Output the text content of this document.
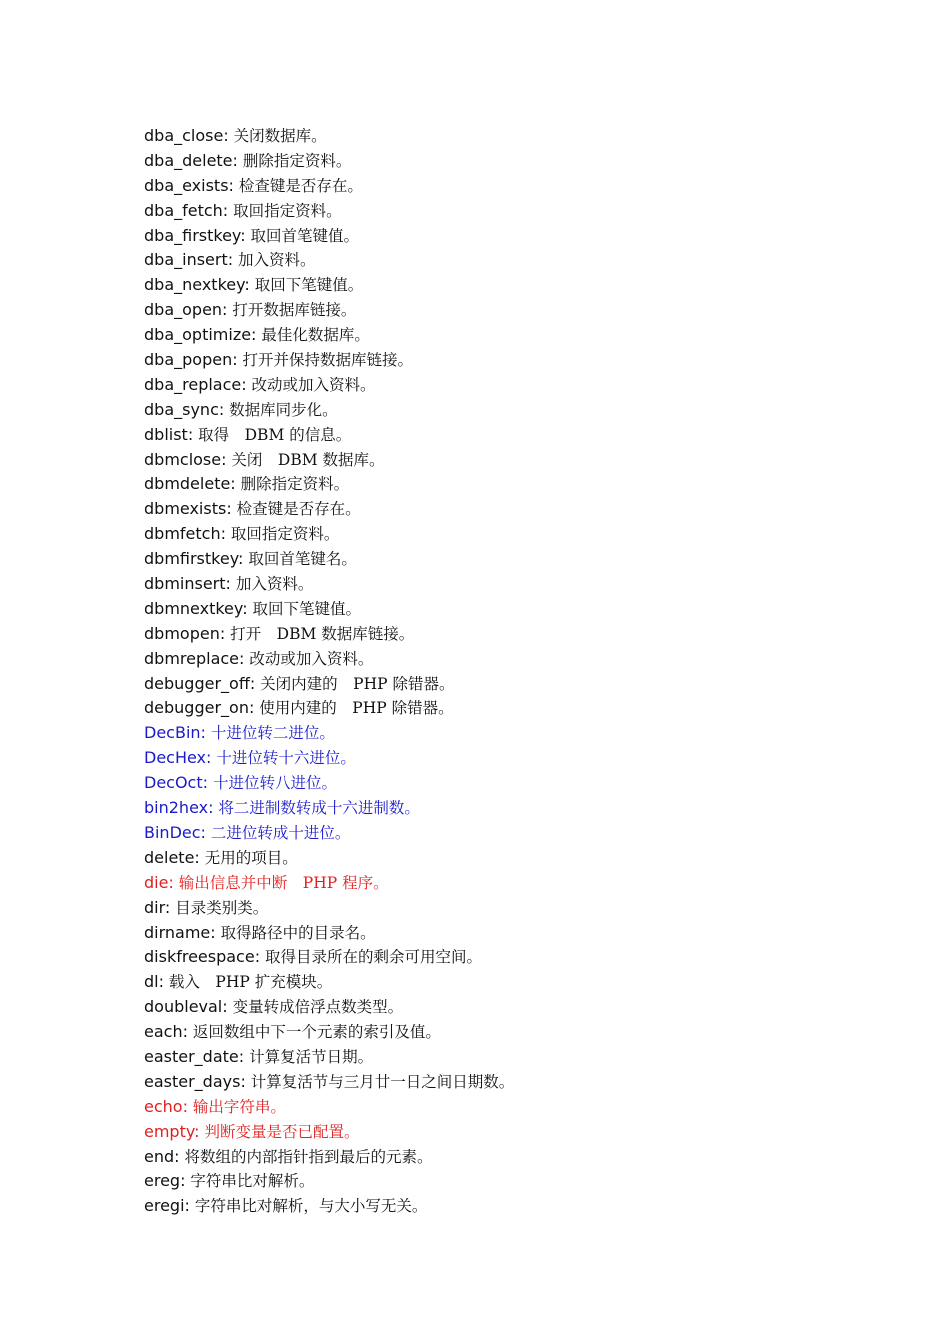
dba_close: 关闭数据库。
dba_delete: 删除指定资料。
dba_exists: 检查键是否存在。
dba_fetch: 取回指定资料。
dba_firstkey: 取回首笔键值。
dba_insert: 加入资料。
dba_nextkey: 取回下笔键值。
dba_open: 打开数据库链接。
dba_optimize: 最佳化数据库。
dba_popen: 打开并保持数据库链接。
dba_replace: 改动或加入资料。
dba_sync: 数据库同步化。
dblist: 取得　DBM 的信息。
dbmclose: 关闭　DBM 数据库。
dbmdelete: 删除指定资料。
dbmexists: 检查键是否存在。
dbmfetch: 取回指定资料。
dbmfirstkey: 取回首笔键名。
dbminsert: 加入资料。
dbmnextkey: 取回下笔键值。
dbmopen: 打开　DBM 数据库链接。
dbmreplace: 改动或加入资料。
debugger_off: 关闭内建的　PHP 除错器。
debugger_on: 使用内建的　PHP 除错器。
DecBin: 十进位转二进位。
DecHex: 十进位转十六进位。
DecOct: 十进位转八进位。
bin2hex: 将二进制数转成十六进制数。
BinDec: 二进位转成十进位。
delete: 无用的项目。
die: 输出信息并中断　PHP 程序。
dir: 目录类别类。
dirname: 取得路径中的目录名。
diskfreespace: 取得目录所在的剩余可用空间。
dl: 载入　PHP 扩充模块。
doubleval: 变量转成倍浮点数类型。
each: 返回数组中下一个元素的索引及值。
easter_date: 计算复活节日期。
easter_days: 计算复活节与三月廿一日之间日期数。
echo: 输出字符串。
empty: 判断变量是否已配置。
end: 将数组的内部指针指到最后的元素。
ereg: 字符串比对解析。
eregi: 字符串比对解析，与大小写无关。
